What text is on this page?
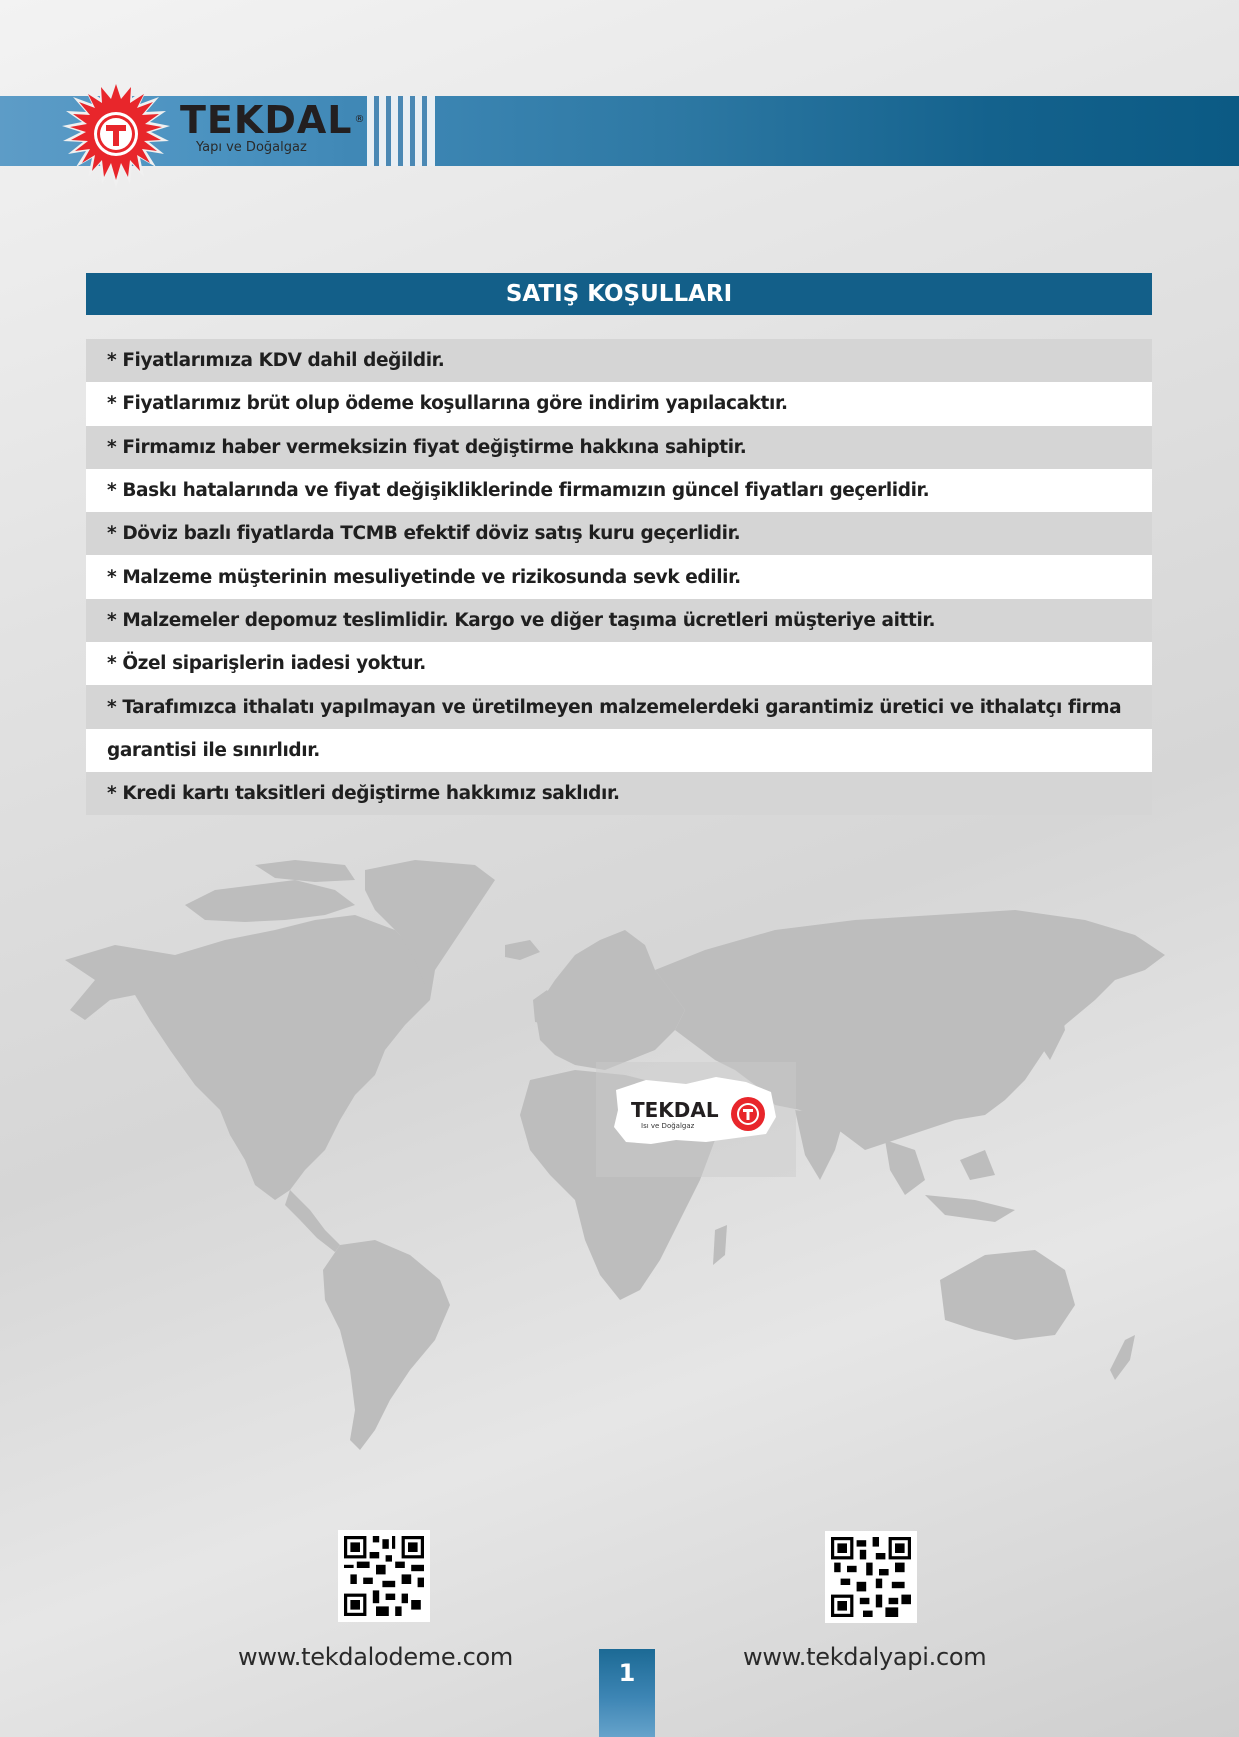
TEKDAL ®
Yapı ve Doğalgaz
SATIŞ KOŞULLARI
* Fiyatlarımıza KDV dahil değildir.
* Fiyatlarımız brüt olup ödeme koşullarına göre indirim yapılacaktır.
* Firmamız haber vermeksizin fiyat değiştirme hakkına sahiptir.
* Baskı hatalarında ve fiyat değişikliklerinde firmamızın güncel fiyatları geçerlidir.
* Döviz bazlı fiyatlarda TCMB efektif döviz satış kuru geçerlidir.
* Malzeme müşterinin mesuliyetinde ve rizikosunda sevk edilir.
* Malzemeler depomuz teslimlidir. Kargo ve diğer taşıma ücretleri müşteriye aittir.
* Özel siparişlerin iadesi yoktur.
* Tarafımızca ithalatı yapılmayan ve üretilmeyen malzemelerdeki garantimiz üretici ve ithalatçı firma
garantisi ile sınırlıdır.
* Kredi kartı taksitleri değiştirme hakkımız saklıdır.
TEKDAL
Isı ve Doğalgaz
www.tekdalodeme.com
1
www.tekdalyapi.com
